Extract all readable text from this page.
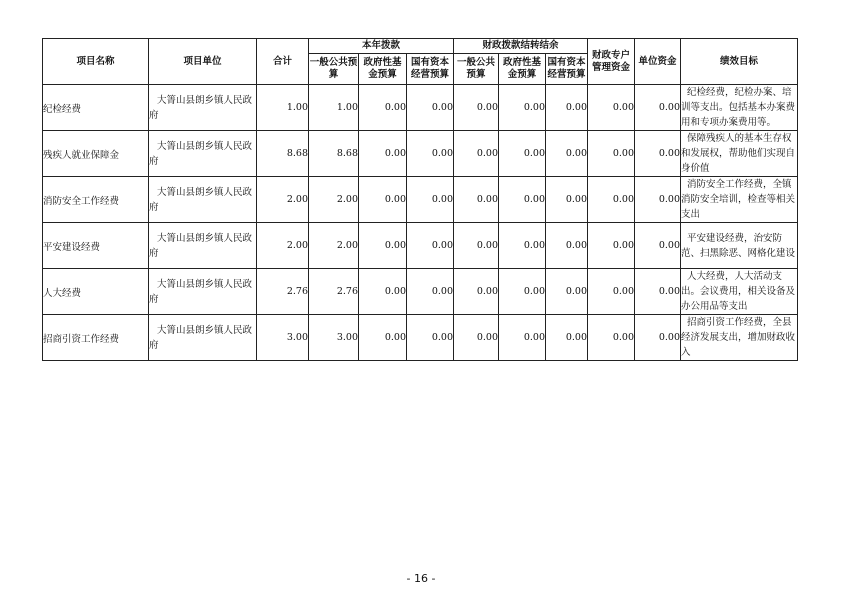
项目名称	项目单位	合计	本年拨款			财政拨款结转结余			财政专户管理资金	单位资金	绩效目标
			一般公共预算	政府性基金预算	国有资本经营预算	一般公共预算	政府性基金预算	国有资本经营预算			
纪检经费	大箐山县朗乡镇人民政府	1.00	1.00	0.00	0.00	0.00	0.00	0.00	0.00	0.00	纪检经费，纪检办案、培训等支出。包括基本办案费用和专项办案费用等。
残疾人就业保障金	大箐山县朗乡镇人民政府	8.68	8.68	0.00	0.00	0.00	0.00	0.00	0.00	0.00	保障残疾人的基本生存权和发展权，帮助他们实现自身价值
消防安全工作经费	大箐山县朗乡镇人民政府	2.00	2.00	0.00	0.00	0.00	0.00	0.00	0.00	0.00	消防安全工作经费，全镇消防安全培训，检查等相关支出
平安建设经费	大箐山县朗乡镇人民政府	2.00	2.00	0.00	0.00	0.00	0.00	0.00	0.00	0.00	平安建设经费，治安防范、扫黑除恶、网格化建设
人大经费	大箐山县朗乡镇人民政府	2.76	2.76	0.00	0.00	0.00	0.00	0.00	0.00	0.00	人大经费，人大活动支出。会议费用，相关设备及办公用品等支出
招商引资工作经费	大箐山县朗乡镇人民政府	3.00	3.00	0.00	0.00	0.00	0.00	0.00	0.00	0.00	招商引资工作经费，全县经济发展支出，增加财政收入
- 16 -
